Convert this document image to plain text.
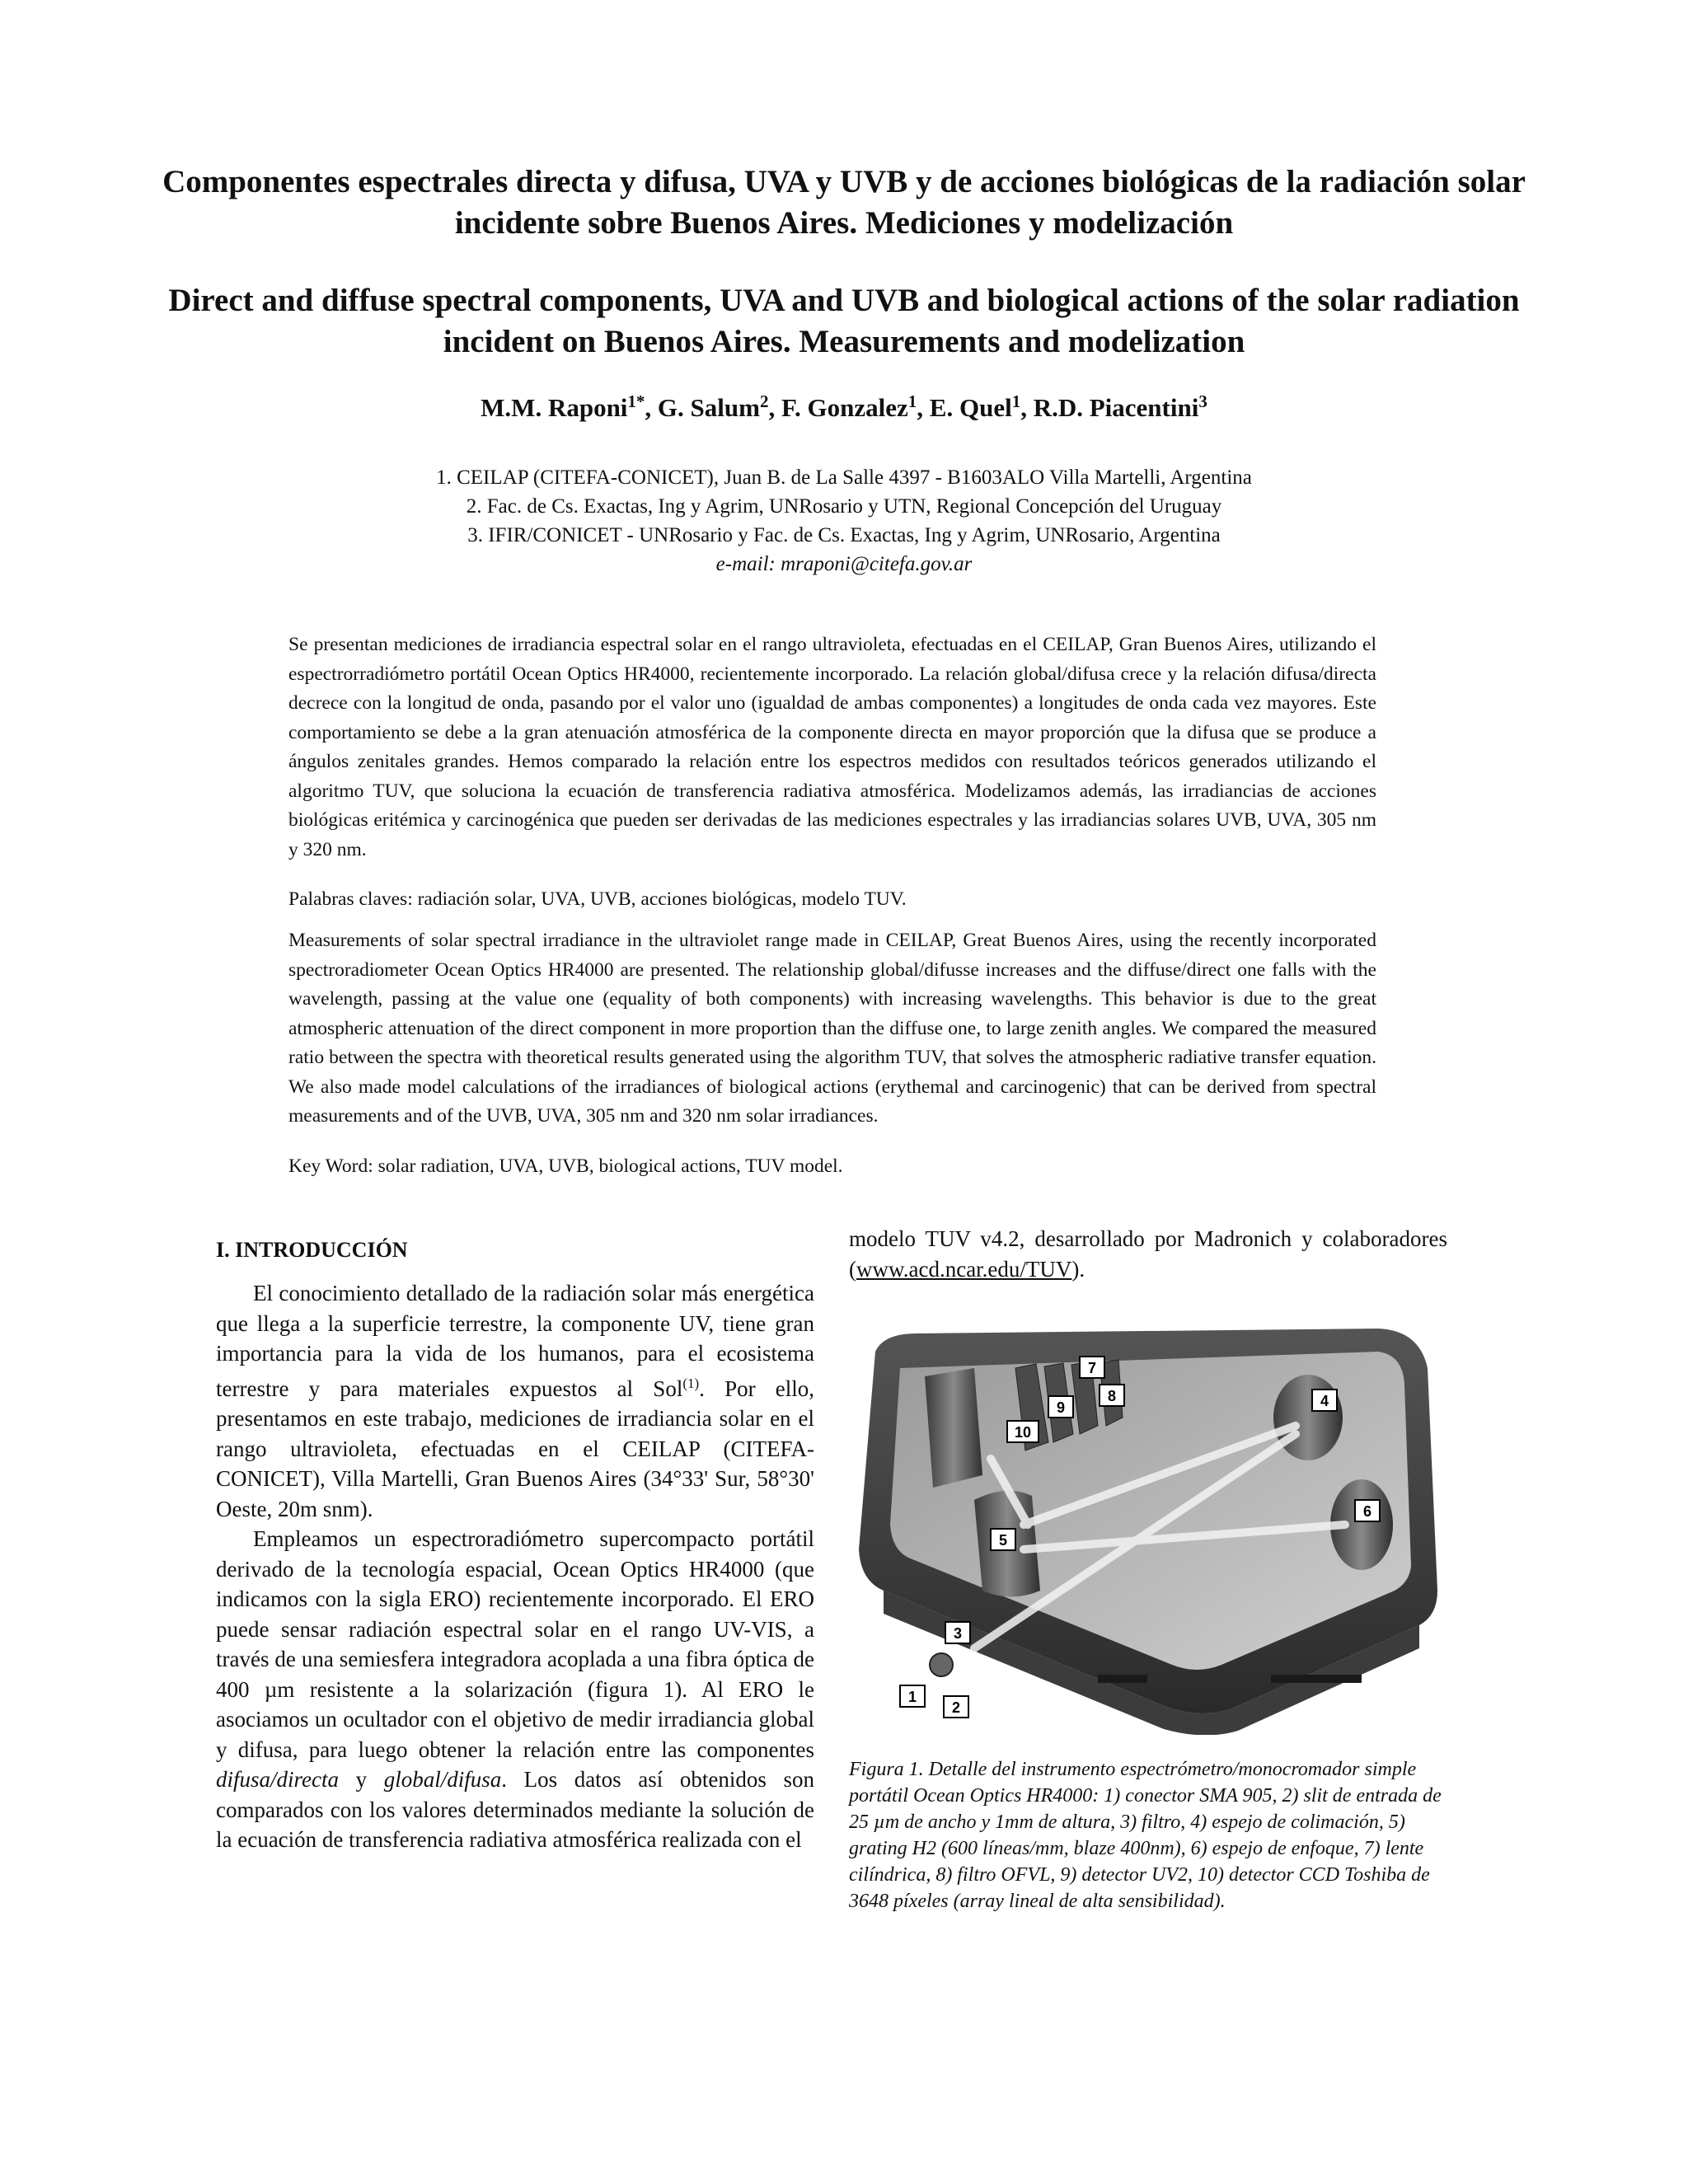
Componentes espectrales directa y difusa, UVA y UVB y de acciones biológicas de la radiación solar incidente sobre Buenos Aires. Mediciones y modelización
Direct and diffuse spectral components, UVA and UVB and biological actions of the solar radiation incident on Buenos Aires. Measurements and modelization
M.M. Raponi$^{1*}$, G. Salum$^2$, F. Gonzalez$^1$, E. Quel$^1$, R.D. Piacentini$^3$
1. CEILAP (CITEFA-CONICET), Juan B. de La Salle 4397 - B1603ALO Villa Martelli, Argentina
2. Fac. de Cs. Exactas, Ing y Agrim, UNRosario y UTN, Regional Concepción del Uruguay
3. IFIR/CONICET - UNRosario y Fac. de Cs. Exactas, Ing y Agrim, UNRosario, Argentina
e-mail: mraponi@citefa.gov.ar

Se presentan mediciones de irradiancia espectral solar en el rango ultravioleta, efectuadas en el CEILAP, Gran Buenos Aires, utilizando el espectrorradiómetro portátil Ocean Optics HR4000, recientemente incorporado. La relación global/difusa crece y la relación difusa/directa decrece con la longitud de onda, pasando por el valor uno (igualdad de ambas componentes) a longitudes de onda cada vez mayores. Este comportamiento se debe a la gran atenuación atmosférica de la componente directa en mayor proporción que la difusa que se produce a ángulos zenitales grandes. Hemos comparado la relación entre los espectros medidos con resultados teóricos generados utilizando el algoritmo TUV, que soluciona la ecuación de transferencia radiativa atmosférica. Modelizamos además, las irradiancias de acciones biológicas eritémica y carcinogénica que pueden ser derivadas de las mediciones espectrales y las irradiancias solares UVB, UVA, 305 nm y 320 nm.

Palabras claves: radiación solar, UVA, UVB, acciones biológicas, modelo TUV.

Measurements of solar spectral irradiance in the ultraviolet range made in CEILAP, Great Buenos Aires, using the recently incorporated spectroradiometer Ocean Optics HR4000 are presented. The relationship global/difusse increases and the diffuse/direct one falls with the wavelength, passing at the value one (equality of both components) with increasing wavelengths. This behavior is due to the great atmospheric attenuation of the direct component in more proportion than the diffuse one, to large zenith angles. We compared the measured ratio between the spectra with theoretical results generated using the algorithm TUV, that solves the atmospheric radiative transfer equation. We also made model calculations of the irradiances of biological actions (erythemal and carcinogenic) that can be derived from spectral measurements and of the UVB, UVA, 305 nm and 320 nm solar irradiances.

Key Word: solar radiation, UVA, UVB, biological actions, TUV model.

I. INTRODUCCIÓN

El conocimiento detallado de la radiación solar más energética que llega a la superficie terrestre, la componente UV, tiene gran importancia para la vida de los humanos, para el ecosistema terrestre y para materiales expuestos al Sol$^{(1)}$. Por ello, presentamos en este trabajo, mediciones de irradiancia solar en el rango ultravioleta, efectuadas en el CEILAP (CITEFA-CONICET), Villa Martelli, Gran Buenos Aires (34°33' Sur, 58°30' Oeste, 20m snm).

Empleamos un espectroradiómetro supercompacto portátil derivado de la tecnología espacial, Ocean Optics HR4000 (que indicamos con la sigla ERO) recientemente incorporado. El ERO puede sensar radiación espectral solar en el rango UV-VIS, a través de una semiesfera integradora acoplada a una fibra óptica de 400 µm resistente a la solarización (figura 1). Al ERO le asociamos un ocultador con el objetivo de medir irradiancia global y difusa, para luego obtener la relación entre las componentes difusa/directa y global/difusa. Los datos así obtenidos son comparados con los valores determinados mediante la solución de la ecuación de transferencia radiativa atmosférica realizada con el

modelo TUV v4.2, desarrollado por Madronich y colaboradores (www.acd.ncar.edu/TUV).
1
2
3
4
5
6
7
8
9
10
Figura 1. Detalle del instrumento espectrómetro/monocromador simple portátil Ocean Optics HR4000: 1) conector SMA 905, 2) slit de entrada de 25 µm de ancho y 1mm de altura, 3) filtro, 4) espejo de colimación, 5) grating H2 (600 líneas/mm, blaze 400nm), 6) espejo de enfoque, 7) lente cilíndrica, 8) filtro OFVL, 9) detector UV2, 10) detector CCD Toshiba de 3648 píxeles (array lineal de alta sensibilidad).
